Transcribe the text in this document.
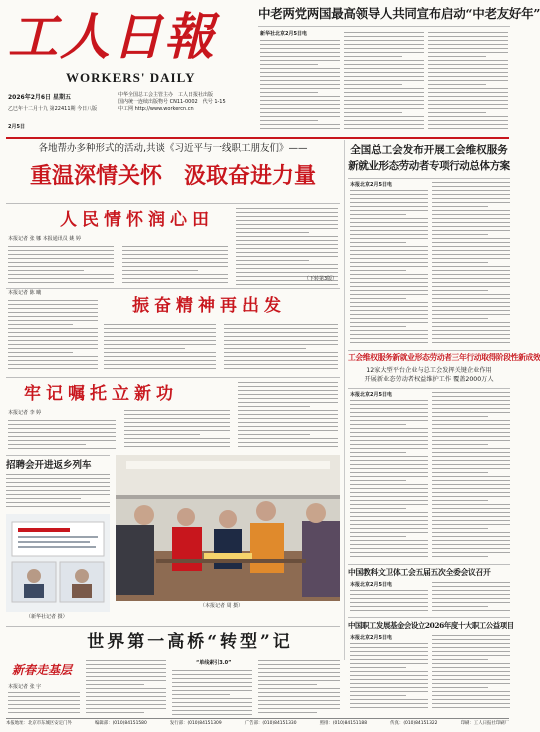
工人日報
WORKERS' DAILY
2026年2月6日 星期五
乙巳年十二月十九 第22411期 今日八版
中华全国总工会主管主办　 工人日报社出版
国内统一连续出版物号 CN11-0002　 代号 1-15
中工网 http://www.workercn.cn
中老两党两国最高领导人共同宣布启动“中老友好年”
新华社北京2月5日电
2月5日
各地帮办多种形式的活动,共谈《习近平与一线职工朋友们》——
重温深情关怀　汲取奋进力量
人民情怀润心田
本报记者 张 娜 本报通讯员 姚 婷
（下转第3版）
本报记者 陈 曦
振奋精神再出发
牢记嘱托立新功
本报记者 李 婷
招聘会开进返乡列车
（新华社记者 摄）
（本报记者 周 摄）
全国总工会发布开展工会维权服务
新就业形态劳动者专项行动总体方案
本报北京2月5日电
工会维权服务新就业形态劳动者三年行动取得阶段性新成效
12家大型平台企业与总工会发挥关键企业作用
开展新业态劳动者权益维护工作 覆盖2000万人
本报北京2月5日电
中国教科文卫体工会五届五次全委会议召开
本报北京2月5日电
中国职工发展基金会设立2026年度十大职工公益项目
本报北京2月5日电
世界第一高桥“转型”记
新春走基层
本报记者 张 宇
“单线索引3.0”
本报地址：北京市东城区安定门外	编辑部：(010)84151580	发行部：(010)84151309	广告部：(010)84151330	照排：(010)84151188	传真：(010)84151322	印刷：工人日报社印刷厂
